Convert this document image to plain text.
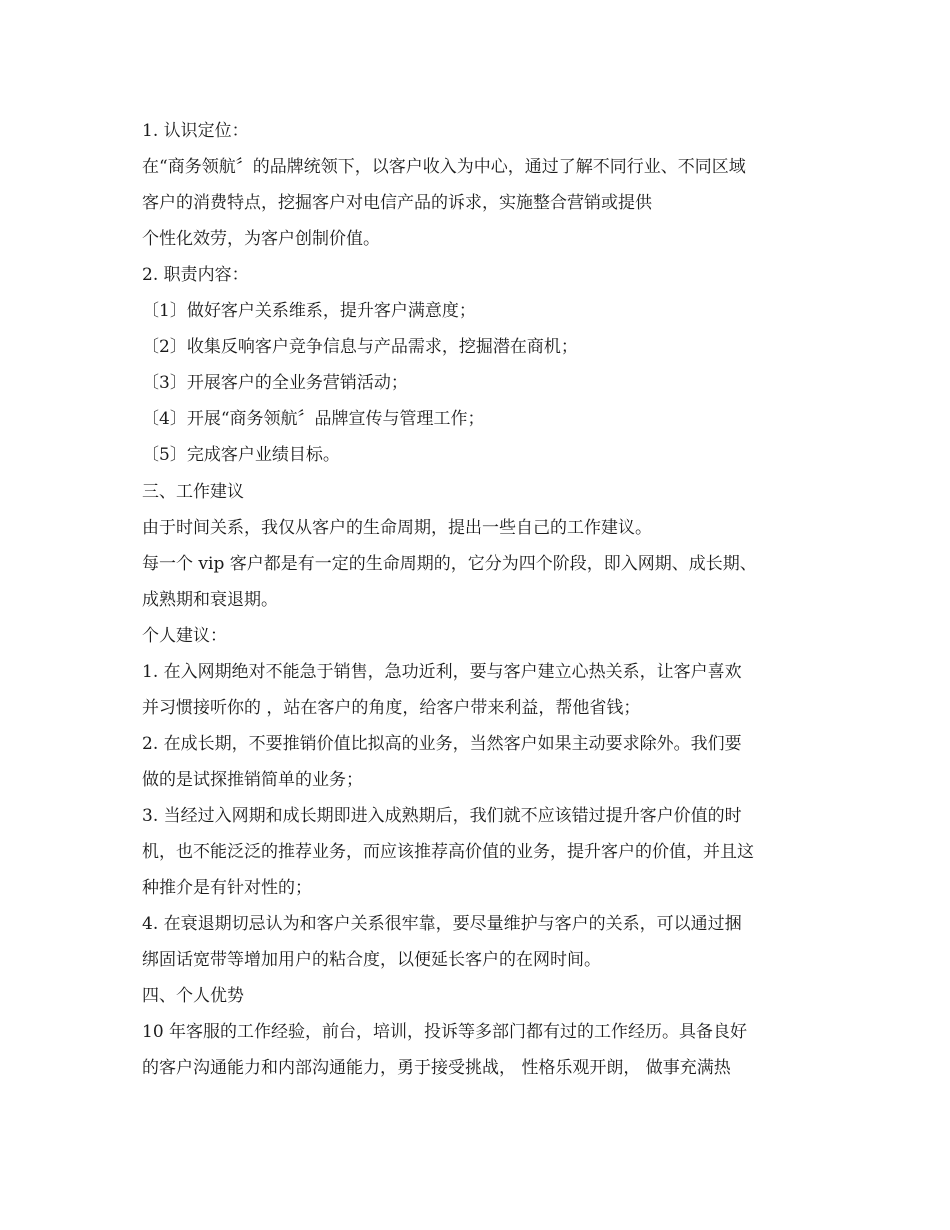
1. 认识定位：
在“商务领航〞的品牌统领下，以客户收入为中心，通过了解不同行业、不同区域
客户的消费特点，挖掘客户对电信产品的诉求，实施整合营销或提供
个性化效劳，为客户创制价值。
2. 职责内容：
〔1〕做好客户关系维系，提升客户满意度；
〔2〕收集反响客户竞争信息与产品需求，挖掘潜在商机；
〔3〕开展客户的全业务营销活动；
〔4〕开展“商务领航〞品牌宣传与管理工作；
〔5〕完成客户业绩目标。
三、工作建议
由于时间关系，我仅从客户的生命周期，提出一些自己的工作建议。
每一个 vip 客户都是有一定的生命周期的，它分为四个阶段，即入网期、成长期、
成熟期和衰退期。
个人建议：
1. 在入网期绝对不能急于销售，急功近利，要与客户建立心热关系，让客户喜欢
并习惯接听你的 ，站在客户的角度，给客户带来利益，帮他省钱；
2. 在成长期，不要推销价值比拟高的业务，当然客户如果主动要求除外。我们要
做的是试探推销简单的业务；
3. 当经过入网期和成长期即进入成熟期后，我们就不应该错过提升客户价值的时
机，也不能泛泛的推荐业务，而应该推荐高价值的业务，提升客户的价值，并且这
种推介是有针对性的；
4. 在衰退期切忌认为和客户关系很牢靠，要尽量维护与客户的关系，可以通过捆
绑固话宽带等增加用户的粘合度，以便延长客户的在网时间。
四、个人优势
10 年客服的工作经验，前台，培训，投诉等多部门都有过的工作经历。具备良好
的客户沟通能力和内部沟通能力，勇于接受挑战， 性格乐观开朗， 做事充满热
